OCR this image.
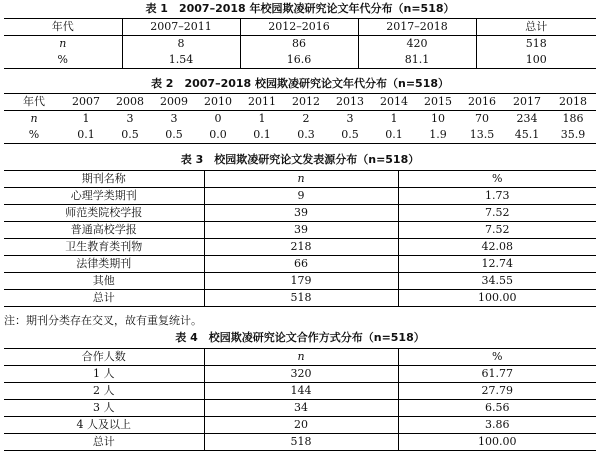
表 1　2007–2018 年校园欺凌研究论文年代分布（n=518）
年代	2007–2011	2012–2016	2017–2018	总计
n	8	86	420	518
%	1.54	16.6	81.1	100
表 2　2007–2018 校园欺凌研究论文年代分布（n=518）
年代	2007	2008	2009	2010	2011	2012	2013	2014	2015	2016	2017	2018
n	1	3	3	0	1	2	3	1	10	70	234	186
%	0.1	0.5	0.5	0.0	0.1	0.3	0.5	0.1	1.9	13.5	45.1	35.9
表 3　校园欺凌研究论文发表源分布（n=518）
期刊名称	n	%
心理学类期刊	9	1.73
师范类院校学报	39	7.52
普通高校学报	39	7.52
卫生教育类刊物	218	42.08
法律类期刊	66	12.74
其他	179	34.55
总计	518	100.00
注：期刊分类存在交叉，故有重复统计。
表 4　校园欺凌研究论文合作方式分布（n=518）
合作人数	n	%
1 人	320	61.77
2 人	144	27.79
3 人	34	6.56
4 人及以上	20	3.86
总计	518	100.00
